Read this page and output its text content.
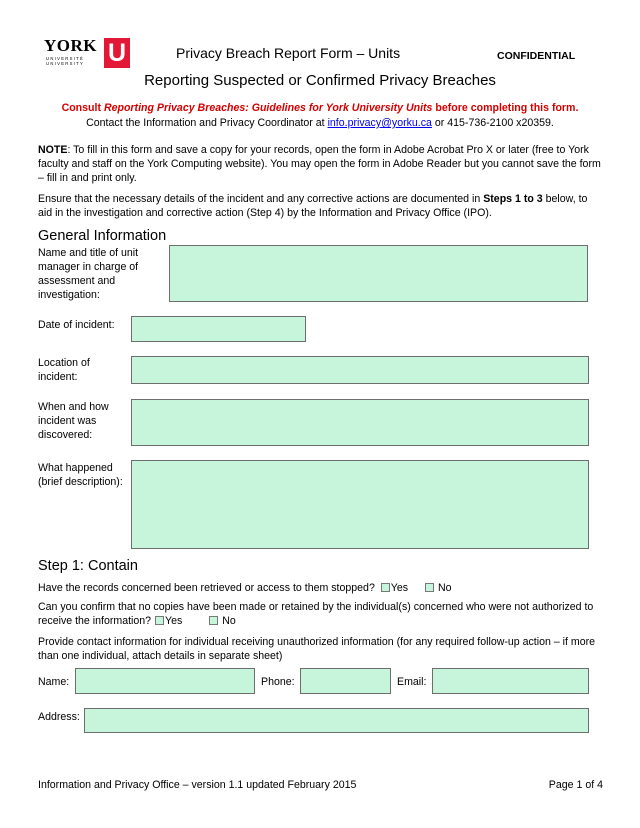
YORK
UNIVERSITÉ
UNIVERSITY U	Privacy Breach Report Form – Units	CONFIDENTIAL
Reporting Suspected or Confirmed Privacy Breaches
Consult Reporting Privacy Breaches: Guidelines for York University Units before completing this form.
Contact the Information and Privacy Coordinator at info.privacy@yorku.ca or 415-736-2100 x20359.
NOTE: To fill in this form and save a copy for your records, open the form in Adobe Acrobat Pro X or later (free to York faculty and staff on the York Computing website). You may open the form in Adobe Reader but you cannot save the form – fill in and print only.
Ensure that the necessary details of the incident and any corrective actions are documented in Steps 1 to 3 below, to aid in the investigation and corrective action (Step 4) by the Information and Privacy Office (IPO).
General Information
Name and title of unit manager in charge of assessment and investigation:
Date of incident:
Location of incident:
When and how incident was discovered:
What happened (brief description):
Step 1: Contain
Have the records concerned been retrieved or access to them stopped? Yes	No
Can you confirm that no copies have been made or retained by the individual(s) concerned who were not authorized to receive the information? Yes	No
Provide contact information for individual receiving unauthorized information (for any required follow-up action – if more than one individual, attach details in separate sheet)
Name:	Phone:	Email:
Address:
Information and Privacy Office – version 1.1 updated February 2015	Page 1 of 4
